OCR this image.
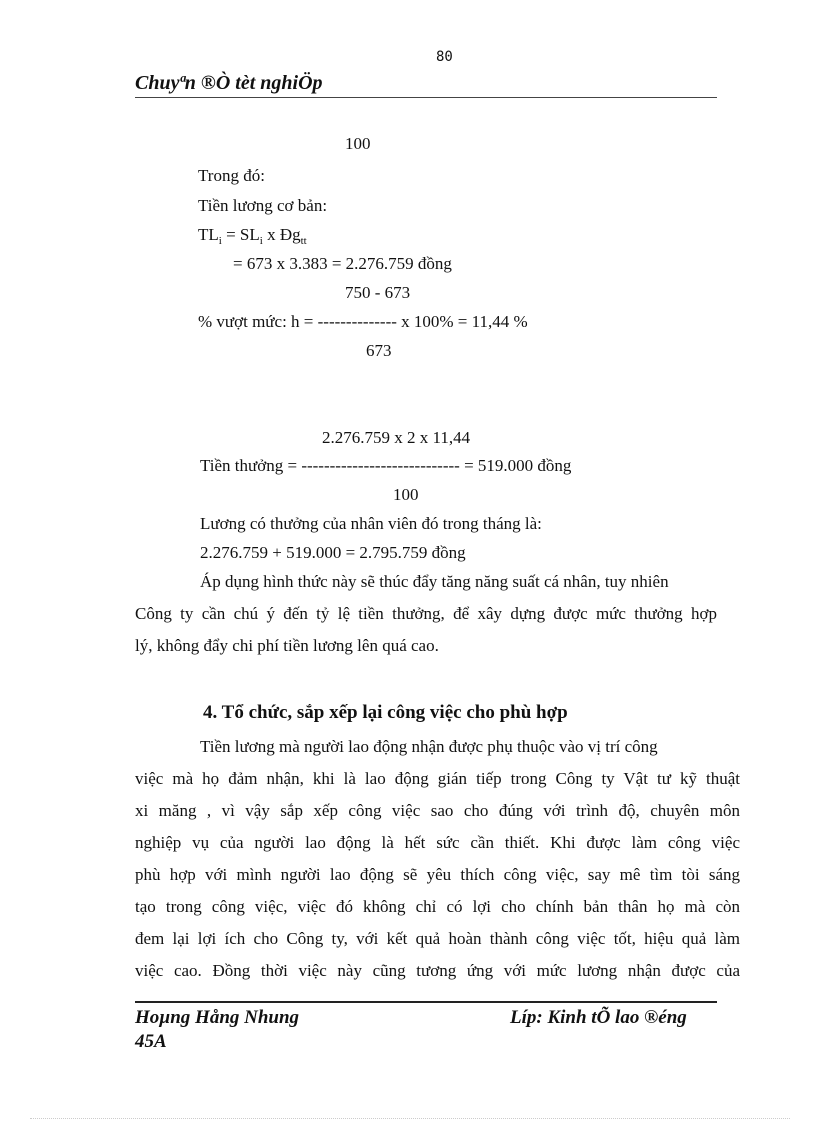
80
Chuyªn ®Ò tèt nghiÖp
100
Trong đó:
Tiền lương cơ bản:
$TL_i = SL_i$ x $Đg_{tt}$
= 673 x 3.383 = 2.276.759 đồng
750 - 673
% vượt mức: h = -------------- x 100% = 11,44 %
673
2.276.759 x 2 x 11,44
Tiền thưởng = ---------------------------- = 519.000 đồng
100
Lương có thưởng của nhân viên đó trong tháng là:
2.276.759 + 519.000 = 2.795.759 đồng
Áp dụng hình thức này sẽ thúc đẩy tăng năng suất cá nhân, tuy nhiên
Công ty cần chú ý đến tỷ lệ tiền thưởng, để xây dựng được mức thưởng hợp
lý, không đẩy chi phí tiền lương lên quá cao.
4. Tổ chức, sắp xếp lại công việc cho phù hợp
Tiền lương mà người lao động nhận được phụ thuộc vào vị trí công
việc mà họ đảm nhận, khi là lao động gián tiếp trong Công ty Vật tư kỹ thuật
xi măng , vì vậy sắp xếp công việc sao cho đúng với trình độ, chuyên môn
nghiệp vụ của người lao động là hết sức cần thiết. Khi được làm công việc
phù hợp với mình người lao động sẽ yêu thích công việc, say mê tìm tòi sáng
tạo trong công việc, việc đó không chỉ có lợi cho chính bản thân họ mà còn
đem lại lợi ích cho Công ty, với kết quả hoàn thành công việc tốt, hiệu quả làm
việc cao. Đồng thời việc này cũng tương ứng với mức lương nhận được của
Hoµng Hång Nhung	Líp: Kinh tÕ lao ®éng
45A
